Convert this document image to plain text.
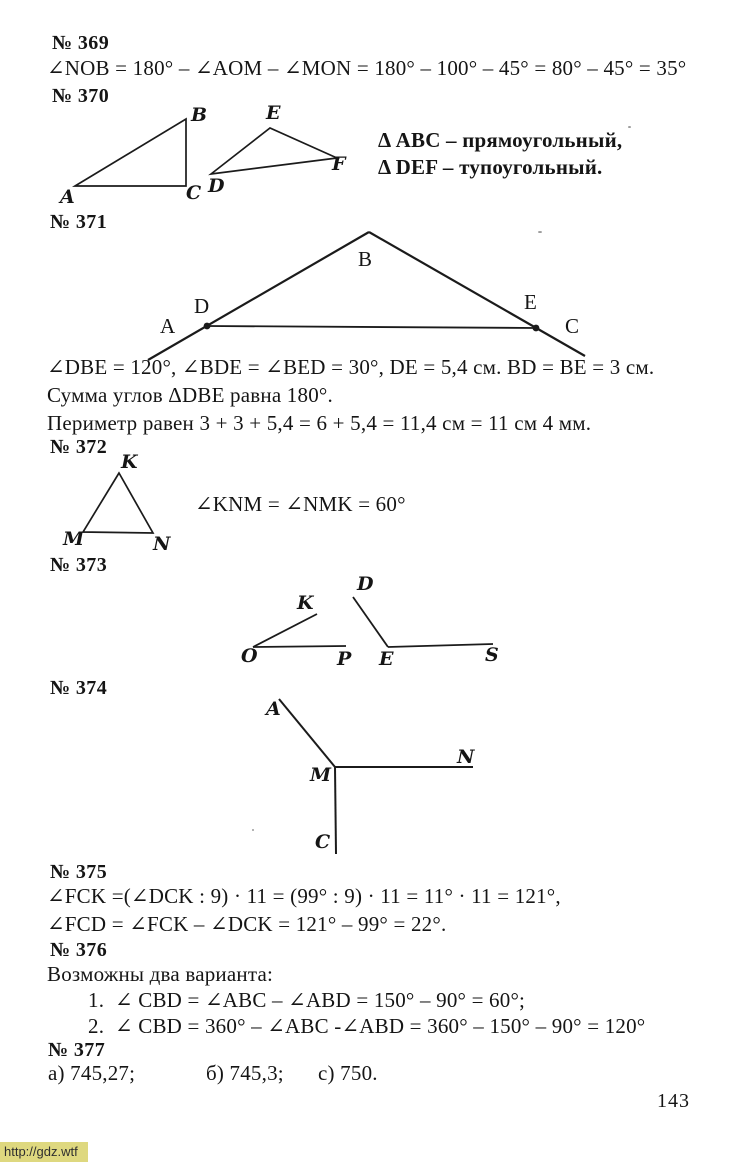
№ 369
∠NOB = 180° – ∠AOM – ∠MON = 180° – 100° – 45° = 80° – 45° = 35°
№ 370
A
B
C D
E
F
Δ ABC – прямоугольный,
Δ DEF – тупоугольный.
№ 371
B
D
A
E
C
∠DBE = 120°, ∠BDE = ∠BED = 30°, DE = 5,4 см. BD = BE = 3 см.
Сумма углов ΔDBE равна 180°.
Периметр равен 3 + 3 + 5,4 = 6 + 5,4 = 11,4 см = 11 см 4 мм.
№ 372
K
M	N
∠KNM = ∠NMK = 60°
№ 373
K
O	P
D
E	S
№ 374
A
M
N
C
№ 375
∠FCK =(∠DCK : 9) · 11 = (99° : 9) · 11 = 11° · 11 = 121°,
∠FCD = ∠FCK – ∠DCK = 121° – 99° = 22°.
№ 376
Возможны два варианта:
1. ∠ CBD = ∠ABC – ∠ABD = 150° – 90° = 60°;
2. ∠ CBD = 360° – ∠ABC -∠ABD = 360° – 150° – 90° = 120°
№ 377
а) 745,27;	б) 745,3; с) 750.
143
http://gdz.wtf
